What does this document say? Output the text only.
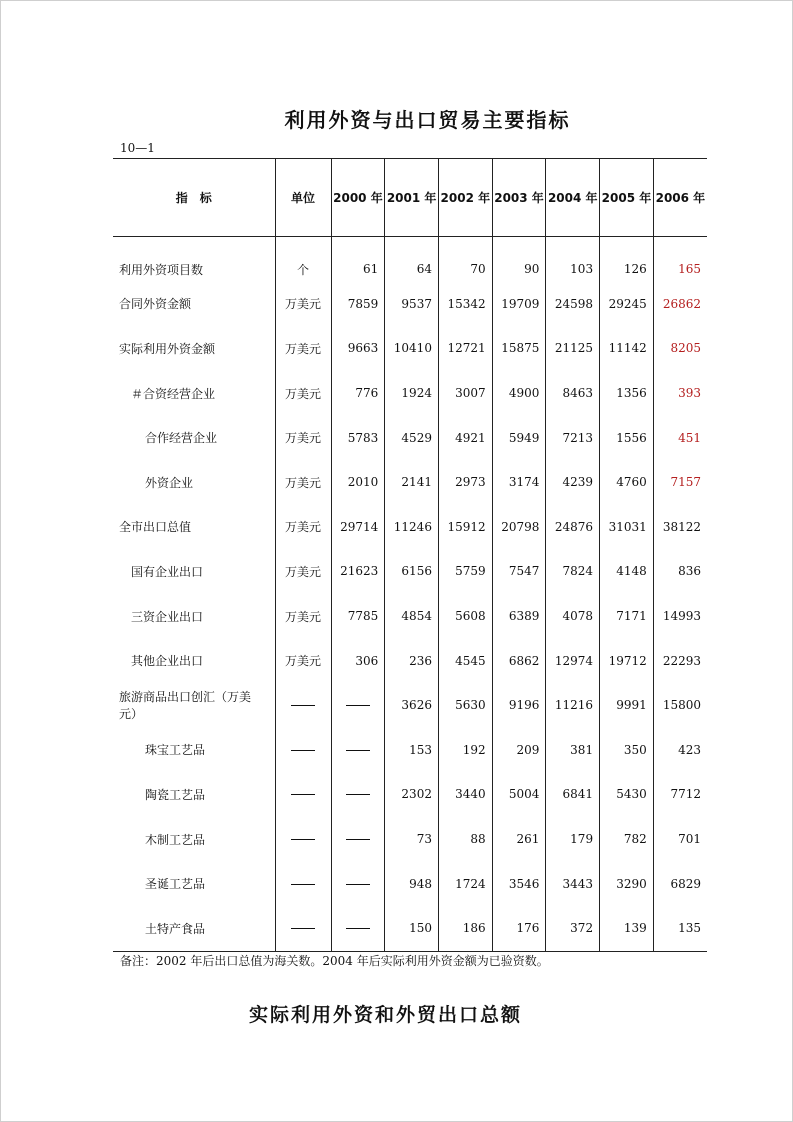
利用外资与出口贸易主要指标
10—1
指　标	单位	2000 年	2001 年	2002 年	2003 年	2004 年	2005 年	2006 年
利用外资项目数	个	61	64	70	90	103	126	165
合同外资金额	万美元	7859	9537	15342	19709	24598	29245	26862
实际利用外资金额	万美元	9663	10410	12721	15875	21125	11142	8205
＃合资经营企业	万美元	776	1924	3007	4900	8463	1356	393
合作经营企业	万美元	5783	4529	4921	5949	7213	1556	451
外资企业	万美元	2010	2141	2973	3174	4239	4760	7157
全市出口总值	万美元	29714	11246	15912	20798	24876	31031	38122
国有企业出口	万美元	21623	6156	5759	7547	7824	4148	836
三资企业出口	万美元	7785	4854	5608	6389	4078	7171	14993
其他企业出口	万美元	306	236	4545	6862	12974	19712	22293
旅游商品出口创汇（万美元）			3626	5630	9196	11216	9991	15800
珠宝工艺品			153	192	209	381	350	423
陶瓷工艺品			2302	3440	5004	6841	5430	7712
木制工艺品			73	88	261	179	782	701
圣诞工艺品			948	1724	3546	3443	3290	6829
土特产食品			150	186	176	372	139	135
备注：2002 年后出口总值为海关数。2004 年后实际利用外资金额为已验资数。
实际利用外资和外贸出口总额
